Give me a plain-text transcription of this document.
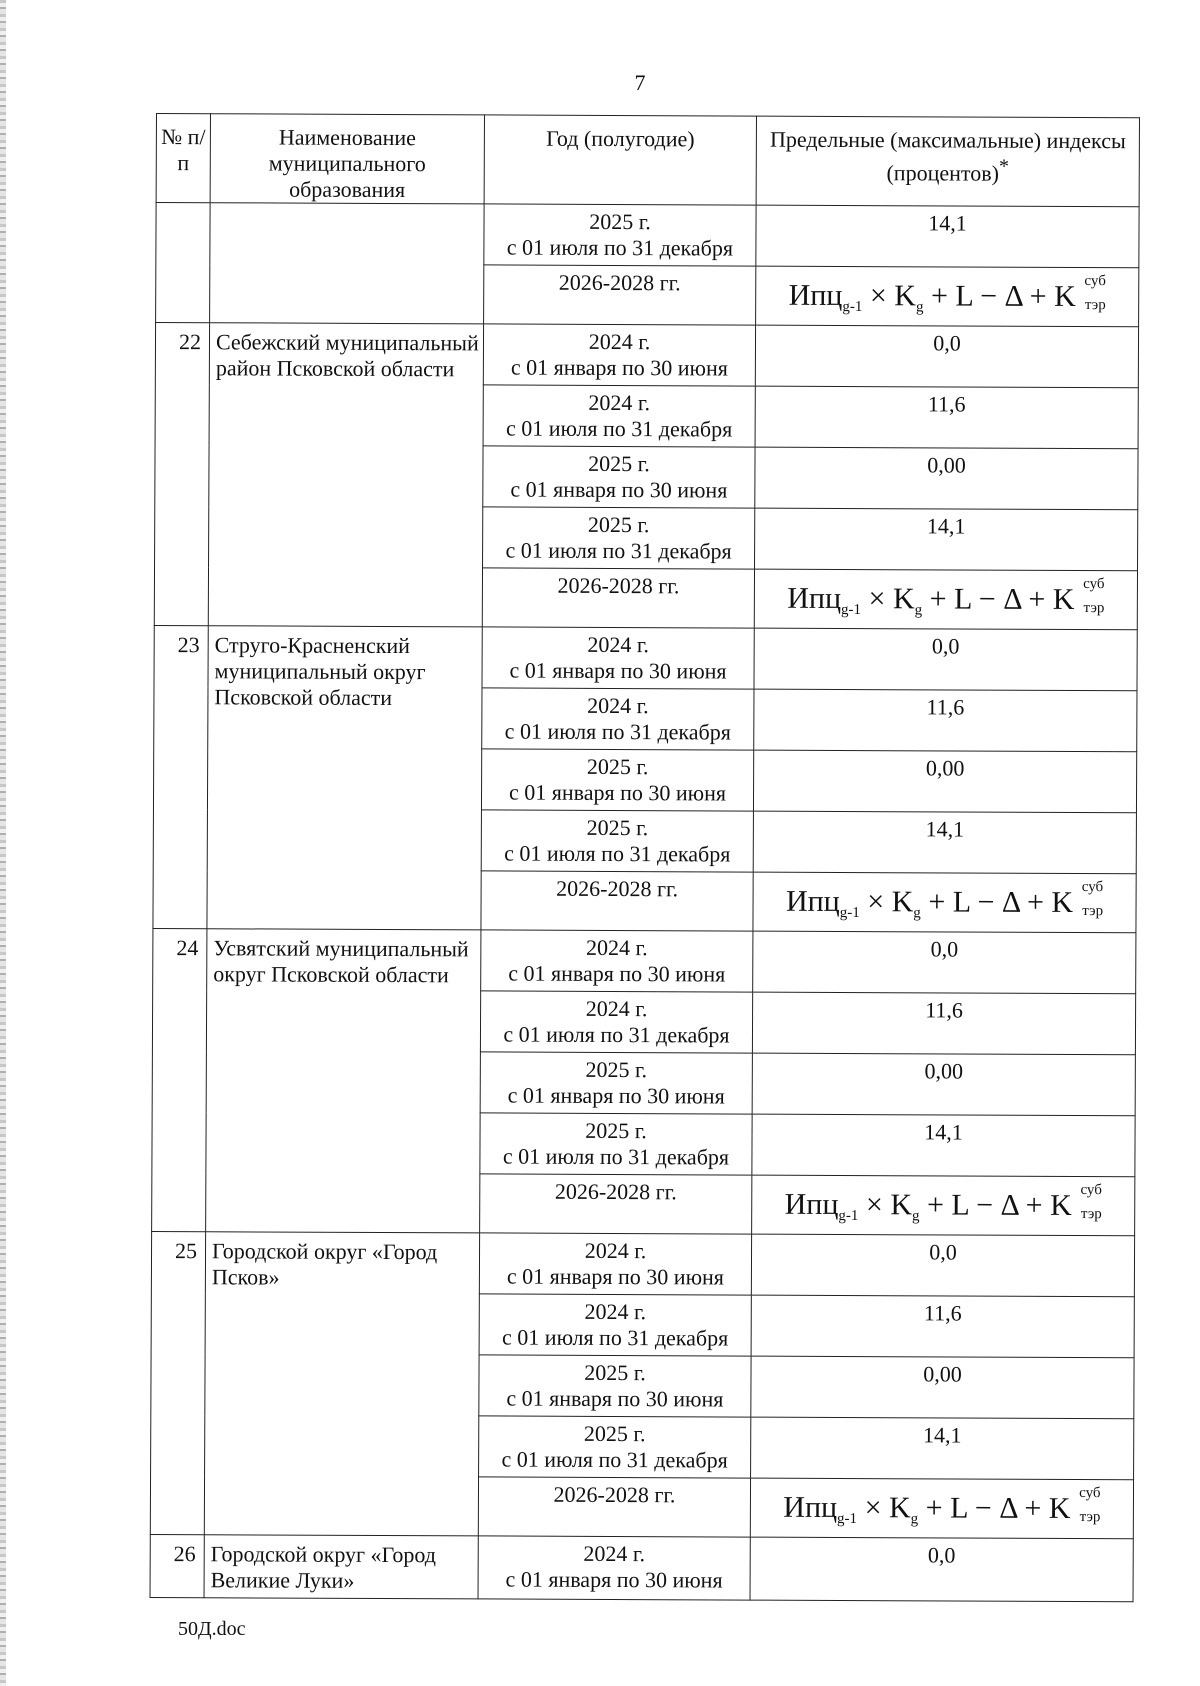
7
№ п/п	Наименование муниципального образования	Год (полугодие)	Предельные (максимальные) индексы (процентов)*

		2025 г.
с 01 июля по 31 декабря	14,1

		2026-2028 гг.	$Ипц_{g-1} \times K_g + L - \Delta + K$ суб
тэр

22	Себежский муниципальный район Псковской области	2024 г.
с 01 января по 30 июня	0,0

		2024 г.
с 01 июля по 31 декабря	11,6

		2025 г.
с 01 января по 30 июня	0,00

		2025 г.
с 01 июля по 31 декабря	14,1

		2026-2028 гг.	$Ипц_{g-1} \times K_g + L - \Delta + K$ суб
тэр

23	Струго-Красненский муниципальный округ Псковской области	2024 г.
с 01 января по 30 июня	0,0

		2024 г.
с 01 июля по 31 декабря	11,6

		2025 г.
с 01 января по 30 июня	0,00

		2025 г.
с 01 июля по 31 декабря	14,1

		2026-2028 гг.	$Ипц_{g-1} \times K_g + L - \Delta + K$ суб
тэр

24	Усвятский муниципальный округ Псковской области	2024 г.
с 01 января по 30 июня	0,0

		2024 г.
с 01 июля по 31 декабря	11,6

		2025 г.
с 01 января по 30 июня	0,00

		2025 г.
с 01 июля по 31 декабря	14,1

		2026-2028 гг.	$Ипц_{g-1} \times K_g + L - \Delta + K$ суб
тэр

25	Городской округ «Город Псков»	2024 г.
с 01 января по 30 июня	0,0

		2024 г.
с 01 июля по 31 декабря	11,6

		2025 г.
с 01 января по 30 июня	0,00

		2025 г.
с 01 июля по 31 декабря	14,1

		2026-2028 гг.	$Ипц_{g-1} \times K_g + L - \Delta + K$ суб
тэр

26	Городской округ «Город Великие Луки»	2024 г.
с 01 января по 30 июня	0,0
50Д.doc
